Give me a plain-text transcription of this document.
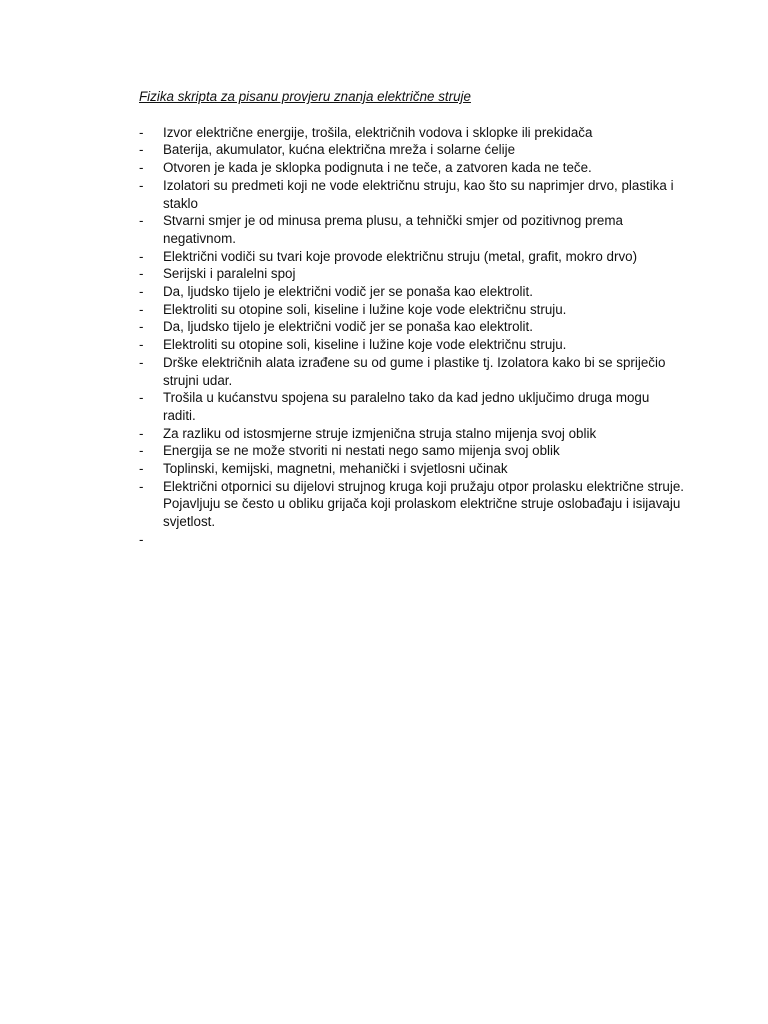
Fizika skripta za pisanu provjeru znanja električne struje
- Izvor električne energije, trošila, električnih vodova i sklopke ili prekidača
- Baterija, akumulator, kućna električna mreža i solarne ćelije
- Otvoren je kada je sklopka podignuta i ne teče, a zatvoren kada ne teče.
- Izolatori su predmeti koji ne vode električnu struju, kao što su naprimjer drvo, plastika i staklo
- Stvarni smjer je od minusa prema plusu, a tehnički smjer od pozitivnog prema negativnom.
- Električni vodiči su tvari koje provode električnu struju (metal, grafit, mokro drvo)
- Serijski i paralelni spoj
- Da, ljudsko tijelo je električni vodič jer se ponaša kao elektrolit.
- Elektroliti su otopine soli, kiseline i lužine koje vode električnu struju.
- Da, ljudsko tijelo je električni vodič jer se ponaša kao elektrolit.
- Elektroliti su otopine soli, kiseline i lužine koje vode električnu struju.
- Drške električnih alata izrađene su od gume i plastike tj. Izolatora kako bi se spriječio strujni udar.
- Trošila u kućanstvu spojena su paralelno tako da kad jedno uključimo druga mogu raditi.
- Za razliku od istosmjerne struje izmjenična struja stalno mijenja svoj oblik
- Energija se ne može stvoriti ni nestati nego samo mijenja svoj oblik
- Toplinski, kemijski, magnetni, mehanički i svjetlosni učinak
- Električni otpornici su dijelovi strujnog kruga koji pružaju otpor prolasku električne struje. Pojavljuju se često u obliku grijača koji prolaskom električne struje oslobađaju i isijavaju svjetlost.
-
